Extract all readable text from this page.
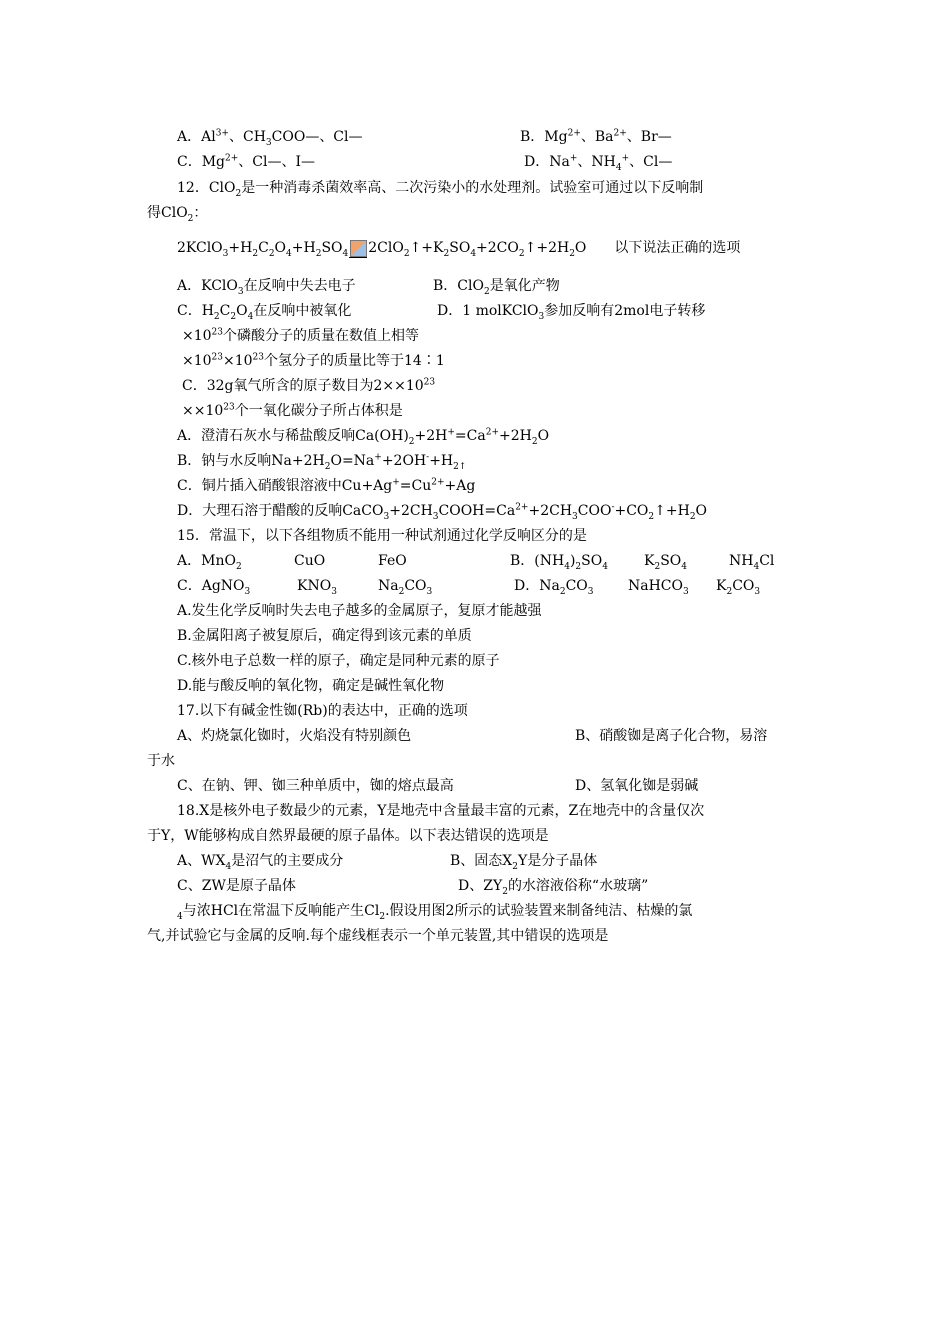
A．$Al^{3+}$、$CH_3COO—$、Cl—	B．$Mg^{2+}$、$Ba^{2+}$、Br—
C．$Mg^{2+}$、Cl—、I—	D．Na+、$NH_4^+$、Cl—
12．ClO$_2$是一种消毒杀菌效率高、二次污染小的水处理剂。试验室可通过以下反响制
得ClO$_2$：
$2KClO_3+H_2C_2O_4+H_2SO_4$ $2ClO_2↑+K_2SO_4+2CO_2↑+2H_2O$ 以下说法正确的选项
A．KClO$_3$在反响中失去电子	B．ClO$_2$是氧化产物
C．$H_2C_2O_4$在反响中被氧化	D．1 molKClO$_3$参加反响有2mol电子转移
$\times 10^{23}$个磷酸分子的质量在数值上相等
$\times 10^{23}\times 10^{23}$个氢分子的质量比等于14∶1
C．32g氧气所含的原子数目为$2\times\times 10^{23}$
$\times\times 10^{23}$个一氧化碳分子所占体积是
A．澄清石灰水与稀盐酸反响$Ca(OH)_2+2H^+=Ca^{2+}+2H_2O$
B．钠与水反响$Na+2H_2O=Na^++2OH^-+H_{2↑}$
C．铜片插入硝酸银溶液中$Cu+Ag^+=Cu^{2+}+Ag$
D．大理石溶于醋酸的反响$CaCO_3+2CH_3COOH=Ca^{2+}+2CH_3COO^-+CO_2↑+H_2O$
15．常温下，以下各组物质不能用一种试剂通过化学反响区分的是
A．MnO$_2$	CuO	FeO	B．$(NH_4)_2SO_4$	$K_2SO_4$	$NH_4Cl$
C．AgNO$_3$	$KNO_3$	$Na_2CO_3$	D．$Na_2CO_3$ NaHCO$_3$ $K_2CO_3$
A.发生化学反响时失去电子越多的金属原子，复原才能越强
B.金属阳离子被复原后，确定得到该元素的单质
C.核外电子总数一样的原子，确定是同种元素的原子
D.能与酸反响的氧化物，确定是碱性氧化物
17.以下有碱金性铷(Rb)的表达中，正确的选项
A、灼烧氯化铷时，火焰没有特别颜色	B、硝酸铷是离子化合物，易溶
于水
C、在钠、钾、铷三种单质中，铷的熔点最高	D、氢氧化铷是弱碱
18.X是核外电子数最少的元素，Y是地壳中含量最丰富的元素，Z在地壳中的含量仅次
于Y，W能够构成自然界最硬的原子晶体。以下表达错误的选项是
A、$WX_4$是沼气的主要成分	B、固态$X_2Y$是分子晶体
C、ZW是原子晶体	D、$ZY_2$的水溶液俗称“水玻璃”
$_4$与浓HCl在常温下反响能产生$Cl_2$.假设用图2所示的试验装置来制备纯洁、枯燥的氯
气,并试验它与金属的反响.每个虚线框表示一个单元装置,其中错误的选项是
